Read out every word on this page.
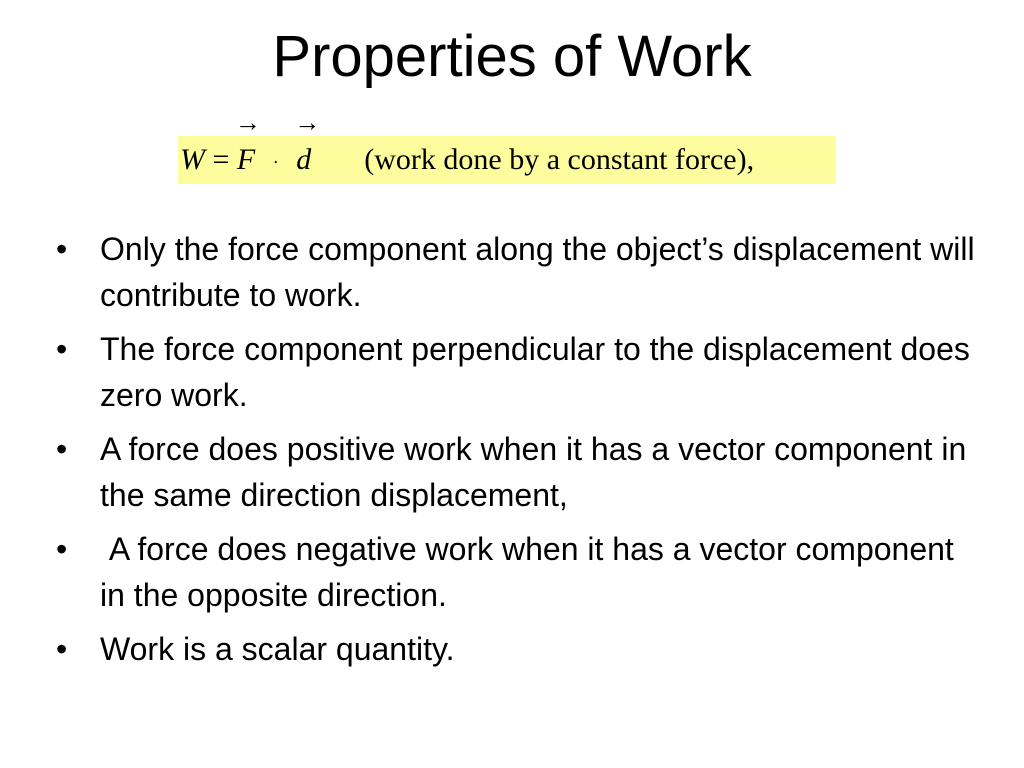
Properties of Work
W =
→
F ·
→
d (work done by a constant force),
• Only the force component along the object’s displacement will contribute to work.
• The force component perpendicular to the displacement does zero work.
• A force does positive work when it has a vector component in the same direction displacement,
• A force does negative work when it has a vector component in the opposite direction.
• Work is a scalar quantity.
